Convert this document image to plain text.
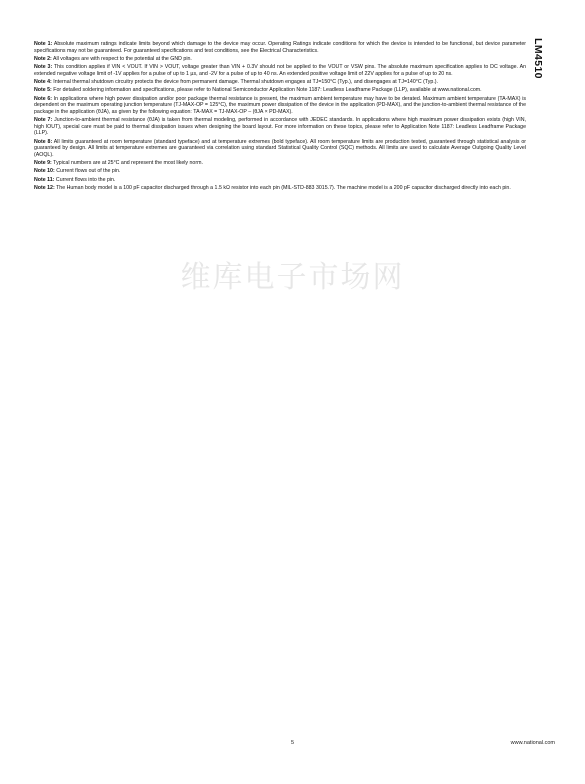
LM4510
维库电子市场网

Note 1: Absolute maximum ratings indicate limits beyond which damage to the device may occur. Operating Ratings indicate conditions for which the device is intended to be functional, but device parameter specifications may not be guaranteed. For guaranteed specifications and test conditions, see the Electrical Characteristics.

Note 2: All voltages are with respect to the potential at the GND pin.

Note 3: This condition applies if VIN < VOUT. If VIN > VOUT, voltage greater than VIN + 0.3V should not be applied to the VOUT or VSW pins. The absolute maximum specification applies to DC voltage. An extended negative voltage limit of -1V applies for a pulse of up to 1 µs, and -2V for a pulse of up to 40 ns. An extended positive voltage limit of 22V applies for a pulse of up to 20 ns.

Note 4: Internal thermal shutdown circuitry protects the device from permanent damage. Thermal shutdown engages at TJ=150°C (Typ.), and disengages at TJ=140°C (Typ.).

Note 5: For detailed soldering information and specifications, please refer to National Semiconductor Application Note 1187: Leadless Leadframe Package (LLP), available at www.national.com.

Note 6: In applications where high power dissipation and/or poor package thermal resistance is present, the maximum ambient temperature may have to be derated. Maximum ambient temperature (TA-MAX) is dependent on the maximum operating junction temperature (TJ-MAX-OP = 125°C), the maximum power dissipation of the device in the application (PD-MAX), and the junction-to-ambient thermal resistance of the package in the application (θJA), as given by the following equation: TA-MAX = TJ-MAX-OP – (θJA × PD-MAX).

Note 7: Junction-to-ambient thermal resistance (θJA) is taken from thermal modeling, performed in accordance with JEDEC standards. In applications where high maximum power dissipation exists (high VIN, high IOUT), special care must be paid to thermal dissipation issues when designing the board layout. For more information on these topics, please refer to Application Note 1187: Leadless Leadframe Package (LLP).

Note 8: All limits guaranteed at room temperature (standard typeface) and at temperature extremes (bold typeface). All room temperature limits are production tested, guaranteed through statistical analysis or guaranteed by design. All limits at temperature extremes are guaranteed via correlation using standard Statistical Quality Control (SQC) methods. All limits are used to calculate Average Outgoing Quality Level (AOQL).

Note 9: Typical numbers are at 25°C and represent the most likely norm.

Note 10: Current flows out of the pin.

Note 11: Current flows into the pin.

Note 12: The Human body model is a 100 pF capacitor discharged through a 1.5 kΩ resistor into each pin (MIL-STD-883 3015.7). The machine model is a 200 pF capacitor discharged directly into each pin.

5	www.national.com
